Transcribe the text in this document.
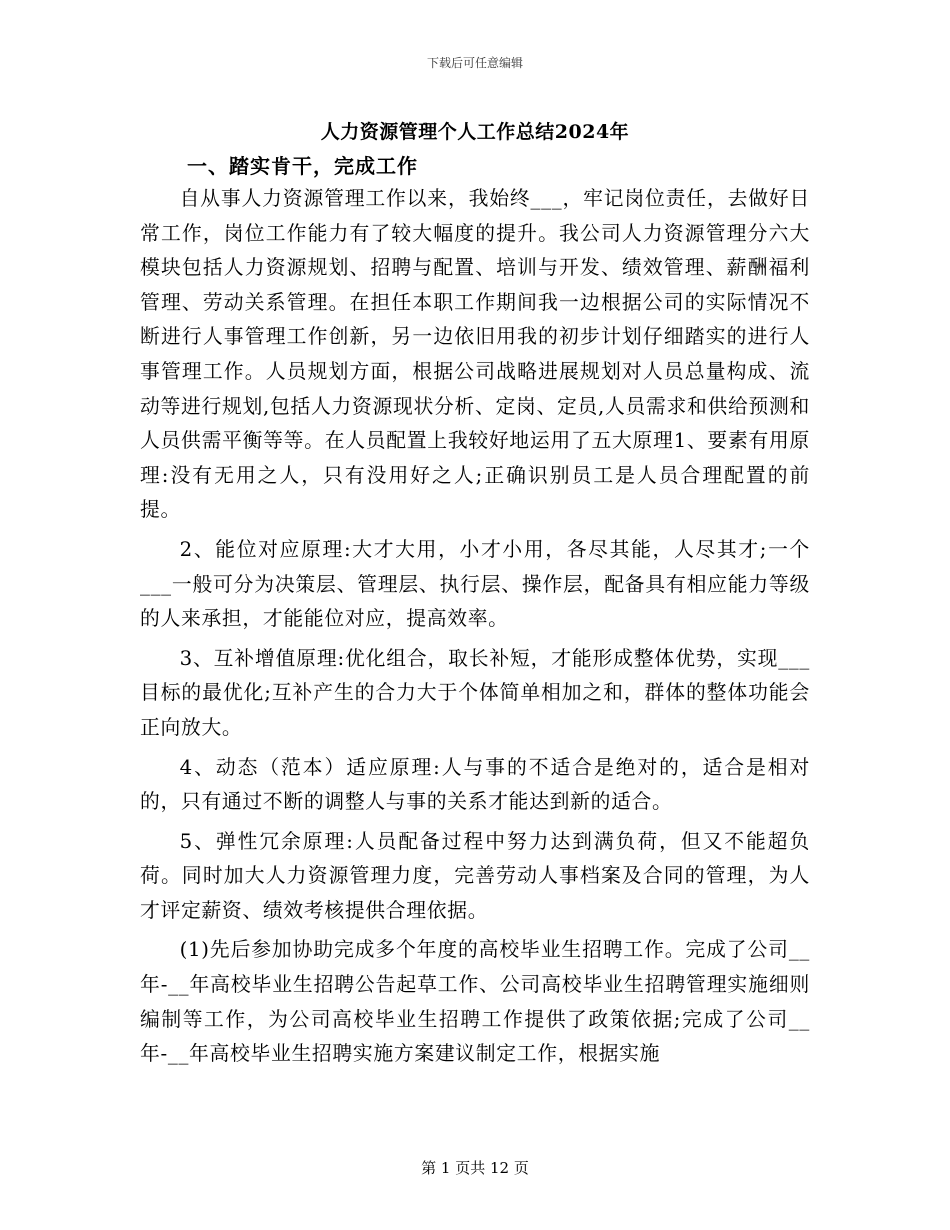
下载后可任意编辑
人力资源管理个人工作总结2024年
一、踏实肯干，完成工作

自从事人力资源管理工作以来，我始终___，牢记岗位责任，去做好日常工作，岗位工作能力有了较大幅度的提升。我公司人力资源管理分六大模块包括人力资源规划、招聘与配置、培训与开发、绩效管理、薪酬福利管理、劳动关系管理。在担任本职工作期间我一边根据公司的实际情况不断进行人事管理工作创新，另一边依旧用我的初步计划仔细踏实的进行人事管理工作。人员规划方面，根据公司战略进展规划对人员总量构成、流动等进行规划,包括人力资源现状分析、定岗、定员,人员需求和供给预测和人员供需平衡等等。在人员配置上我较好地运用了五大原理1、要素有用原理:没有无用之人，只有没用好之人;正确识别员工是人员合理配置的前提。

2、能位对应原理:大才大用，小才小用，各尽其能，人尽其才;一个___一般可分为决策层、管理层、执行层、操作层，配备具有相应能力等级的人来承担，才能能位对应，提高效率。

3、互补增值原理:优化组合，取长补短，才能形成整体优势，实现___目标的最优化;互补产生的合力大于个体简单相加之和，群体的整体功能会正向放大。

4、动态（范本）适应原理:人与事的不适合是绝对的，适合是相对的，只有通过不断的调整人与事的关系才能达到新的适合。

5、弹性冗余原理:人员配备过程中努力达到满负荷，但又不能超负荷。同时加大人力资源管理力度，完善劳动人事档案及合同的管理，为人才评定薪资、绩效考核提供合理依据。

(1)先后参加协助完成多个年度的高校毕业生招聘工作。完成了公司__年-__年高校毕业生招聘公告起草工作、公司高校毕业生招聘管理实施细则编制等工作，为公司高校毕业生招聘工作提供了政策依据;完成了公司__年-__年高校毕业生招聘实施方案建议制定工作，根据实施

第 1 页共 12 页
